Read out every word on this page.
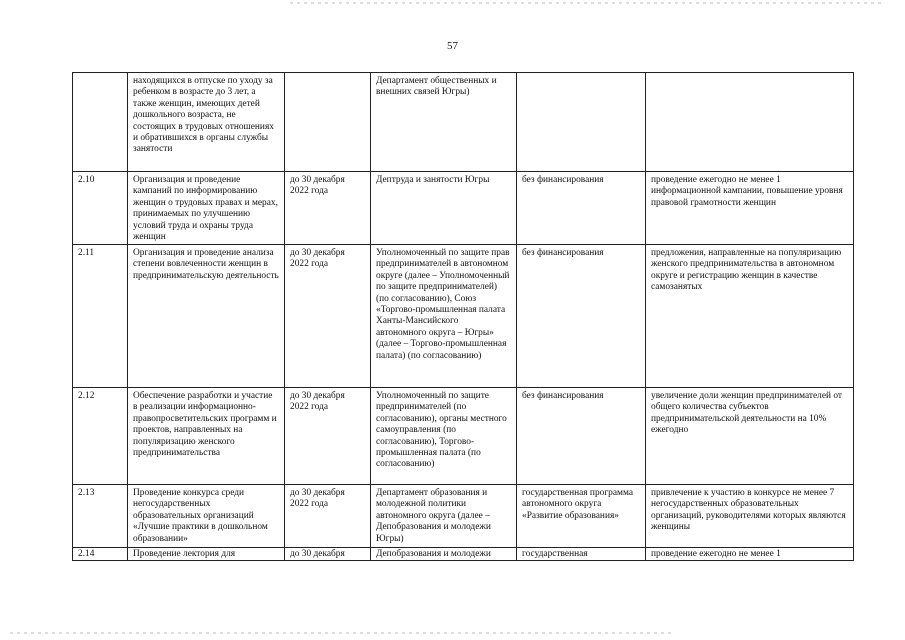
57
	находящихся в отпуске по уходу за ребенком в возрасте до 3 лет, а также женщин, имеющих детей дошкольного возраста, не состоящих в трудовых отношениях и обратившихся в органы службы занятости		Департамент общественных и внешних связей Югры)		
2.10	Организация и проведение кампаний по информированию женщин о трудовых правах и мерах, принимаемых по улучшению условий труда и охраны труда женщин	до 30 декабря 2022 года	Дептруда и занятости Югры	без финансирования	проведение ежегодно не менее 1 информационной кампании, повышение уровня правовой грамотности женщин
2.11	Организация и проведение анализа степени вовлеченности женщин в предпринимательскую деятельность	до 30 декабря 2022 года	Уполномоченный по защите прав предпринимателей в автономном округе (далее – Уполномоченный по защите предпринимателей) (по согласованию), Союз «Торгово-промышленная палата Ханты-Мансийского автономного округа – Югры» (далее – Торгово-промышленная палата) (по согласованию)	без финансирования	предложения, направленные на популяризацию женского предпринимательства в автономном округе и регистрацию женщин в качестве самозанятых
2.12	Обеспечение разработки и участие в реализации информационно-правопросветительских программ и проектов, направленных на популяризацию женского предпринимательства	до 30 декабря 2022 года	Уполномоченный по защите предпринимателей (по согласованию), органы местного самоуправления (по согласованию), Торгово-промышленная палата (по согласованию)	без финансирования	увеличение доли женщин предпринимателей от общего количества субъектов предпринимательской деятельности на 10% ежегодно
2.13	Проведение конкурса среди негосударственных образовательных организаций «Лучшие практики в дошкольном образовании»	до 30 декабря 2022 года	Департамент образования и молодежной политики автономного округа (далее – Депобразования и молодежи Югры)	государственная программа автономного округа «Развитие образования»	привлечение к участию в конкурсе не менее 7 негосударственных образовательных организаций, руководителями которых являются женщины
2.14	Проведение лектория для	до 30 декабря	Депобразования и молодежи	государственная	проведение ежегодно не менее 1
